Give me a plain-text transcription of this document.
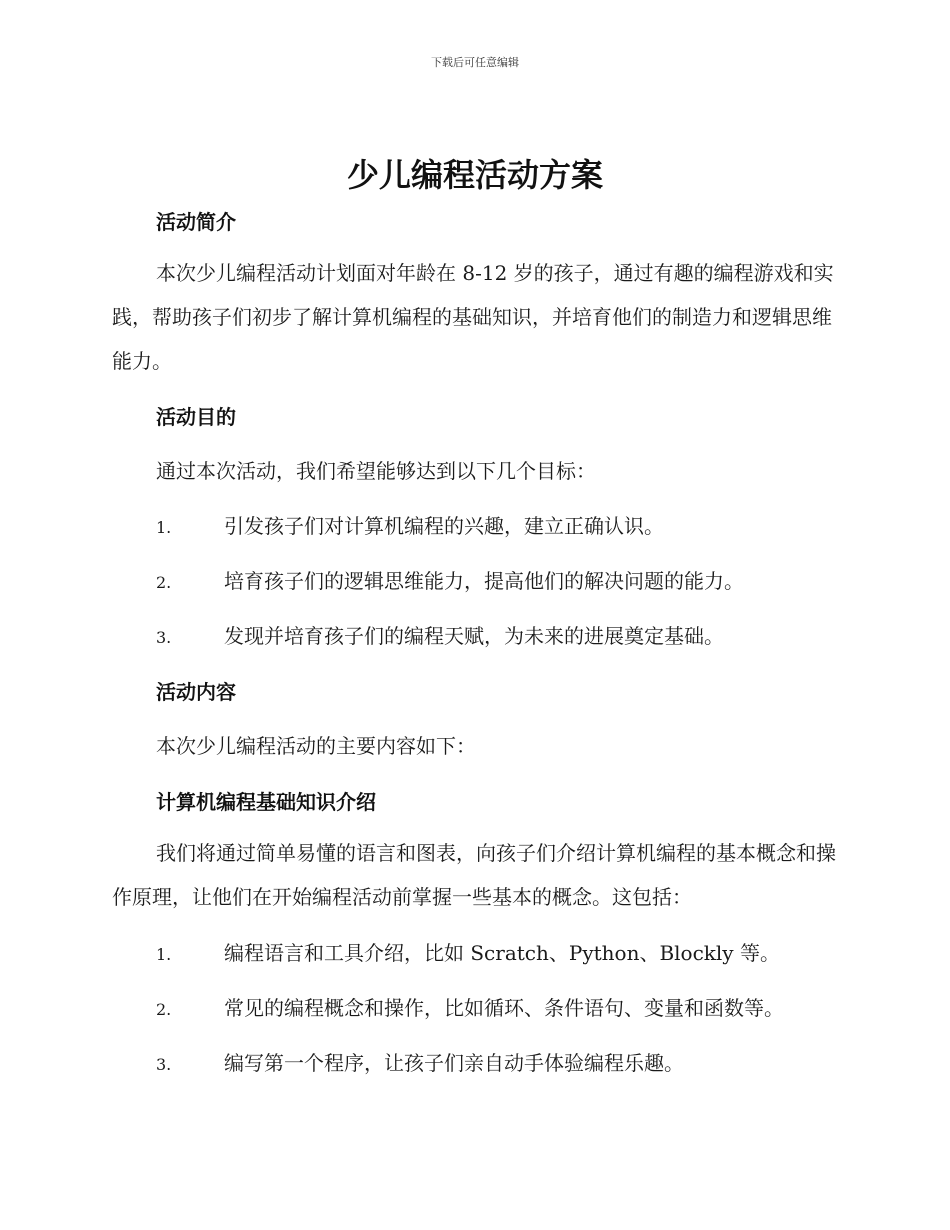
下载后可任意编辑
少儿编程活动方案
活动简介

本次少儿编程活动计划面对年龄在 8-12 岁的孩子，通过有趣的编程游戏和实践，帮助孩子们初步了解计算机编程的基础知识，并培育他们的制造力和逻辑思维能力。

活动目的

通过本次活动，我们希望能够达到以下几个目标：

1.	引发孩子们对计算机编程的兴趣，建立正确认识。
2.	培育孩子们的逻辑思维能力，提高他们的解决问题的能力。
3.	发现并培育孩子们的编程天赋，为未来的进展奠定基础。
活动内容

本次少儿编程活动的主要内容如下：

计算机编程基础知识介绍

我们将通过简单易懂的语言和图表，向孩子们介绍计算机编程的基本概念和操作原理，让他们在开始编程活动前掌握一些基本的概念。这包括：

1.	编程语言和工具介绍，比如 Scratch、Python、Blockly 等。
2.	常见的编程概念和操作，比如循环、条件语句、变量和函数等。
3.	编写第一个程序，让孩子们亲自动手体验编程乐趣。
